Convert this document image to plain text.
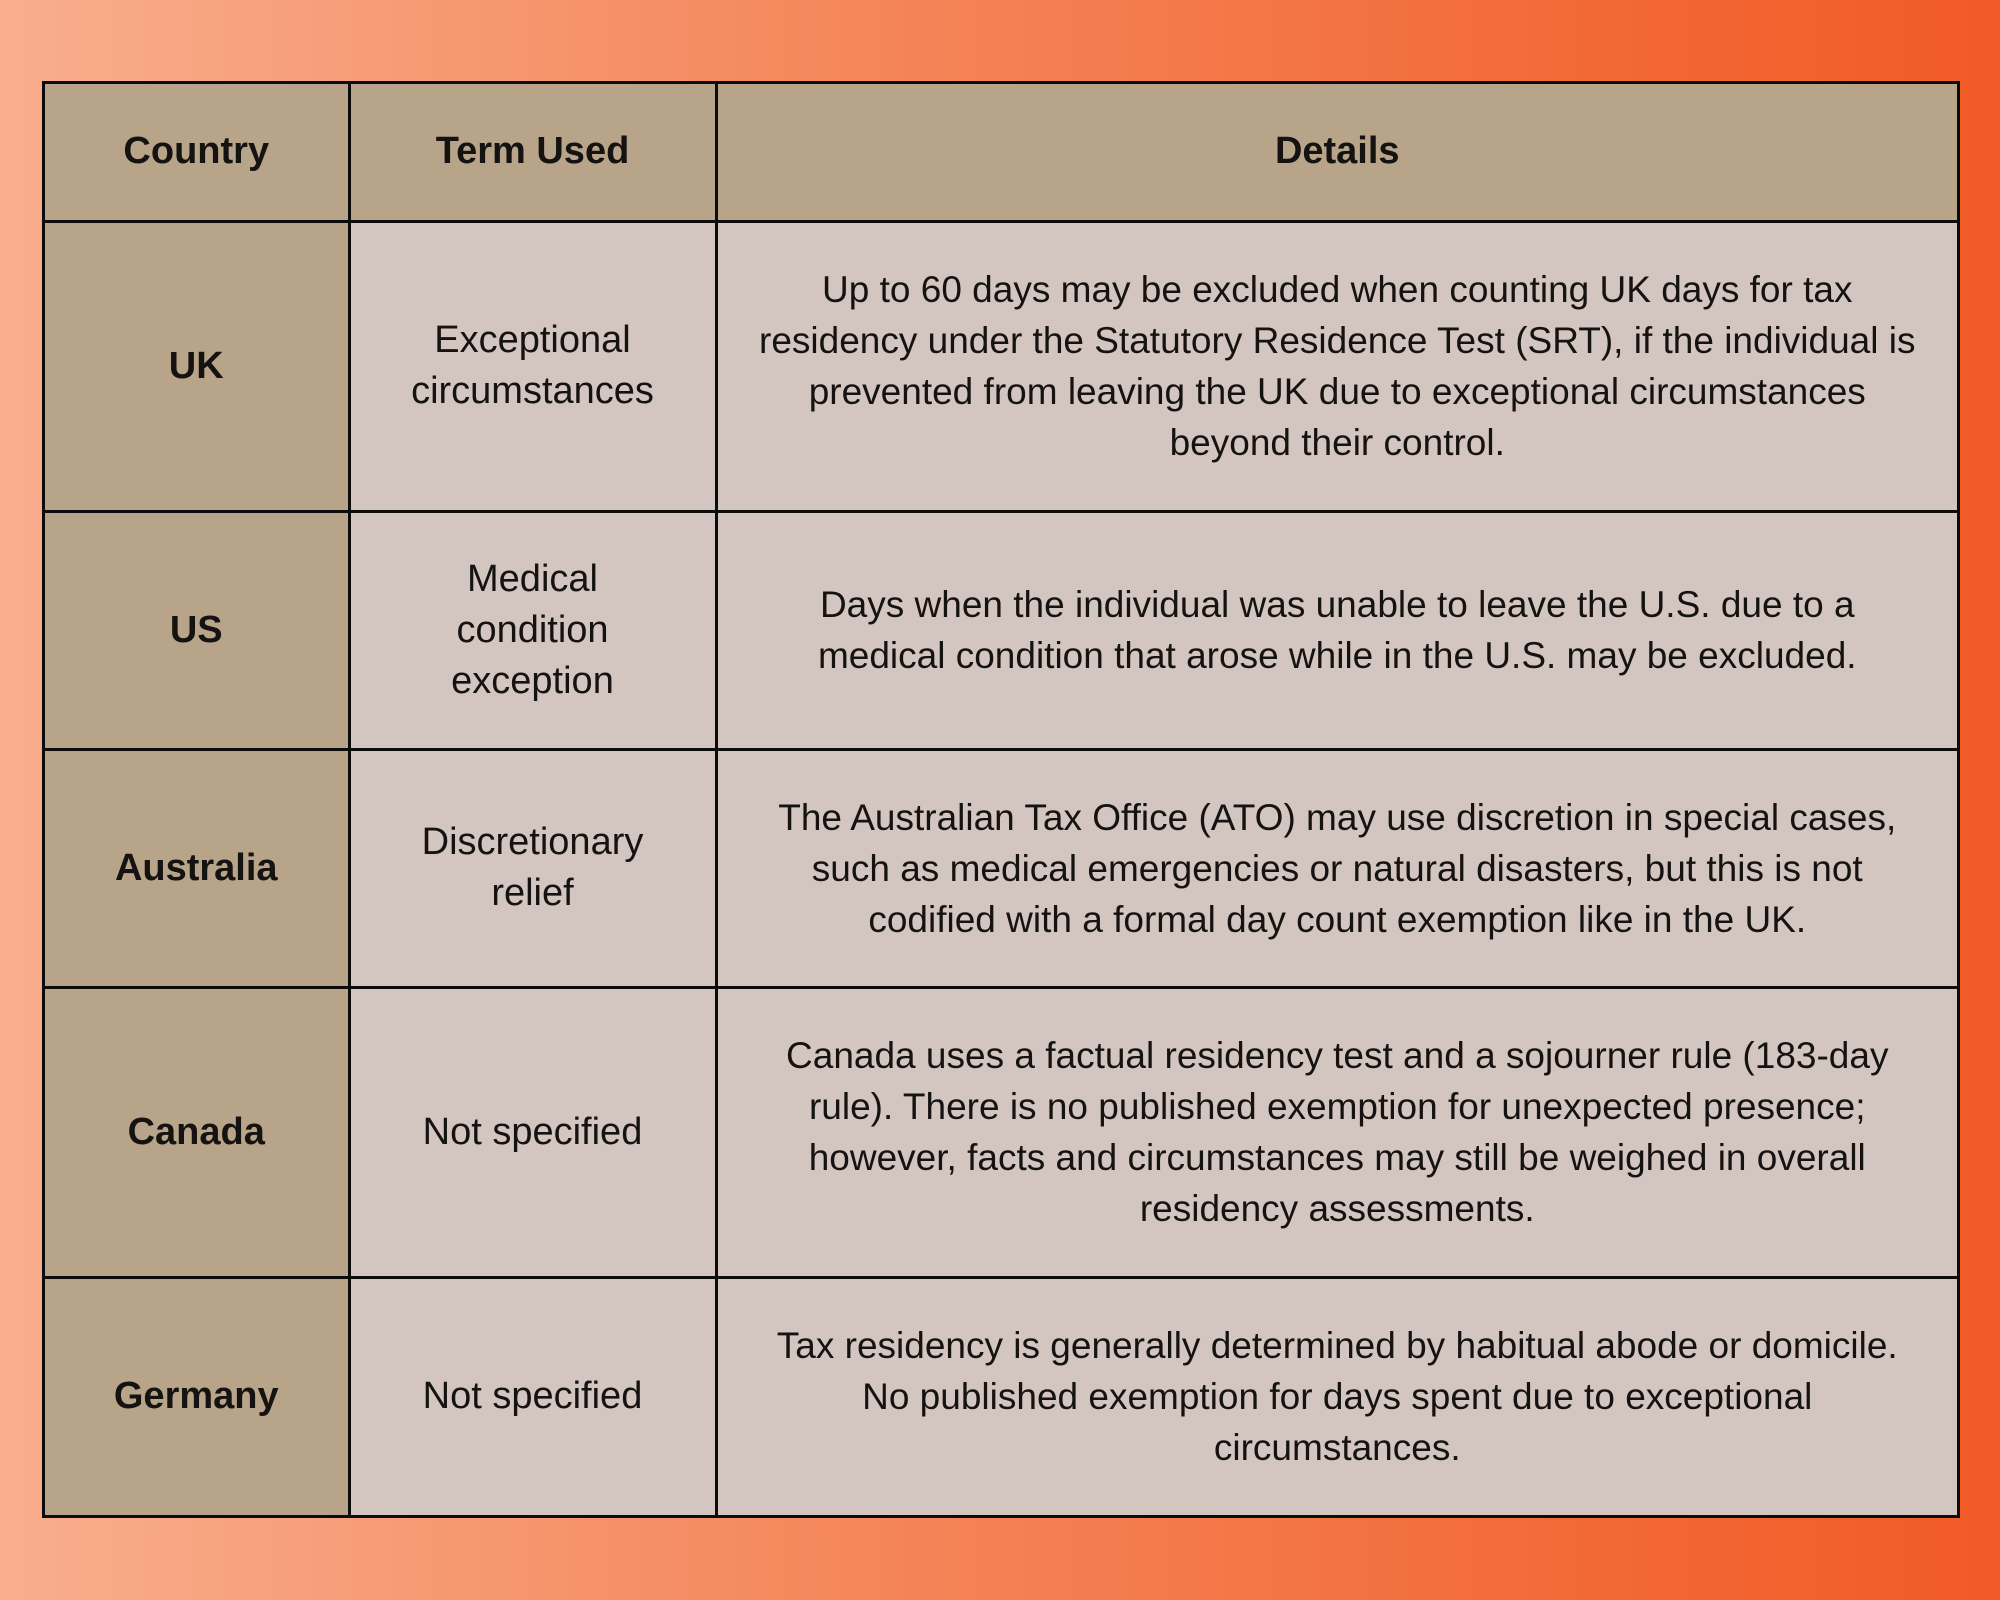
Country	Term Used	Details
UK	Exceptional circumstances	Up to 60 days may be excluded when counting UK days for tax residency under the Statutory Residence Test (SRT), if the individual is prevented from leaving the UK due to exceptional circumstances beyond their control.
US	Medical condition exception	Days when the individual was unable to leave the U.S. due to a medical condition that arose while in the U.S. may be excluded.
Australia	Discretionary relief	The Australian Tax Office (ATO) may use discretion in special cases, such as medical emergencies or natural disasters, but this is not codified with a formal day count exemption like in the UK.
Canada	Not specified	Canada uses a factual residency test and a sojourner rule (183-day rule). There is no published exemption for unexpected presence; however, facts and circumstances may still be weighed in overall residency assessments.
Germany	Not specified	Tax residency is generally determined by habitual abode or domicile. No published exemption for days spent due to exceptional circumstances.
